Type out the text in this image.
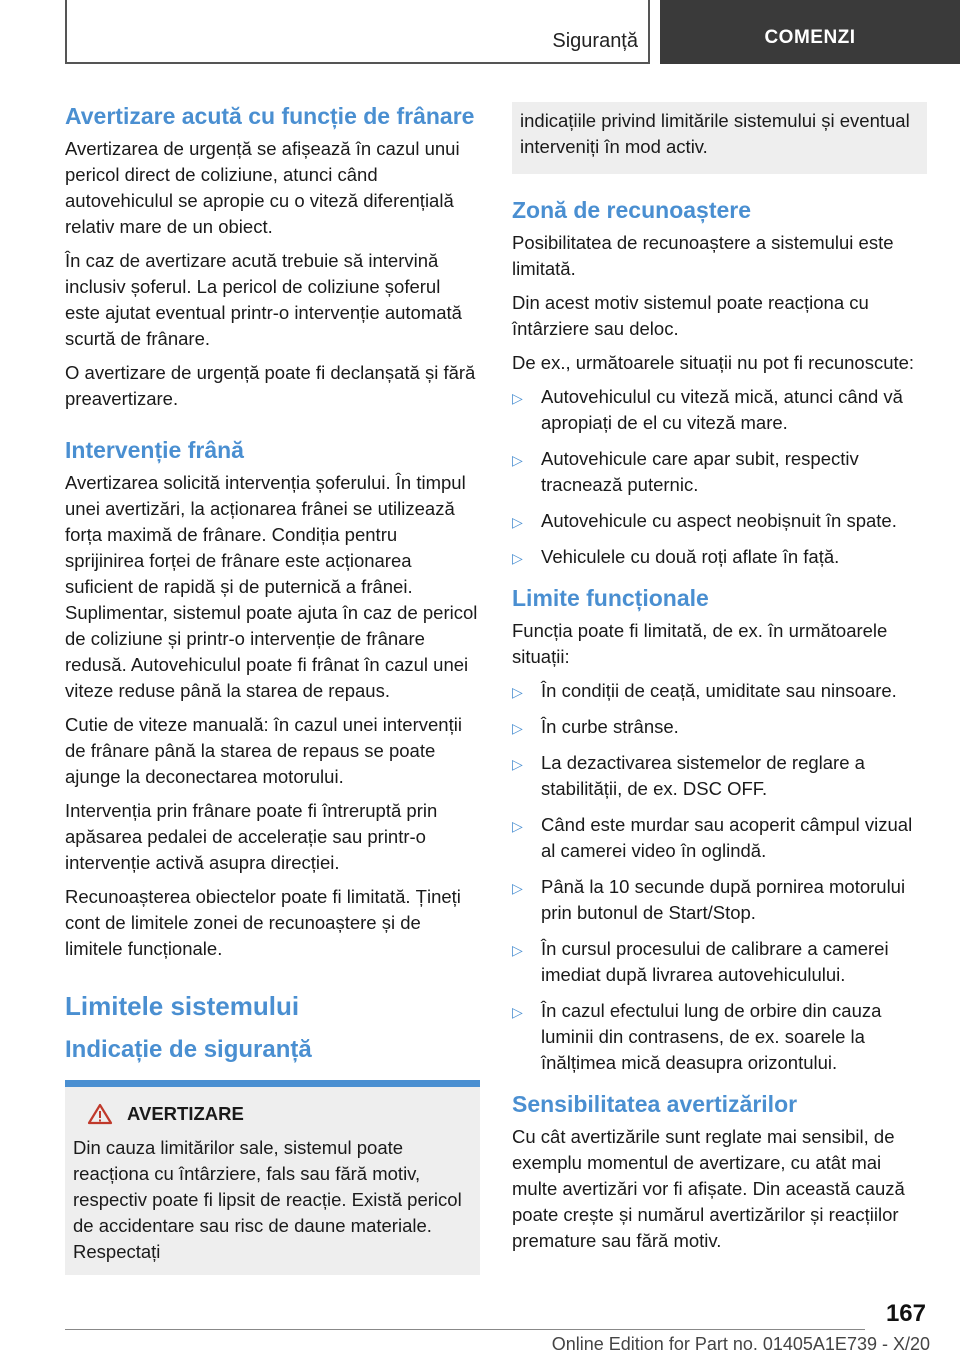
Siguranță	COMENZI
Avertizare acută cu funcție de frânare

Avertizarea de urgență se afișează în cazul unui pericol direct de coliziune, atunci când autovehiculul se apropie cu o viteză diferențială relativ mare de un obiect.

În caz de avertizare acută trebuie să intervină inclusiv șoferul. La pericol de coliziune șoferul este ajutat eventual printr-o intervenție automată scurtă de frânare.

O avertizare de urgență poate fi declanșată și fără preavertizare.

Intervenție frână

Avertizarea solicită intervenția șoferului. În timpul unei avertizări, la acționarea frânei se utilizează forța maximă de frânare. Condiția pentru sprijinirea forței de frânare este acționarea suficient de rapidă și de puternică a frânei. Suplimentar, sistemul poate ajuta în caz de pericol de coliziune și printr-o intervenție de frânare redusă. Autovehiculul poate fi frânat în cazul unei viteze reduse până la starea de repaus.

Cutie de viteze manuală: în cazul unei intervenții de frânare până la starea de repaus se poate ajunge la deconectarea motorului.

Intervenția prin frânare poate fi întreruptă prin apăsarea pedalei de accelerație sau printr-o intervenție activă asupra direcției.

Recunoașterea obiectelor poate fi limitată. Țineți cont de limitele zonei de recunoaștere și de limitele funcționale.

Limitele sistemului
Indicație de siguranță
AVERTIZARE

Din cauza limitărilor sale, sistemul poate reacționa cu întârziere, fals sau fără motiv, respectiv poate fi lipsit de reacție. Există pericol de accidentare sau risc de daune materiale. Respectați

indicațiile privind limitările sistemului și eventual interveniți în mod activ.

Zonă de recunoaștere

Posibilitatea de recunoaștere a sistemului este limitată.

Din acest motiv sistemul poate reacționa cu întârziere sau deloc.

De ex., următoarele situații nu pot fi recunoscute:

▷ Autovehiculul cu viteză mică, atunci când vă apropiați de el cu viteză mare.
▷ Autovehicule care apar subit, respectiv tracnează puternic.
▷ Autovehicule cu aspect neobișnuit în spate.
▷ Vehiculele cu două roți aflate în față.
Limite funcționale

Funcția poate fi limitată, de ex. în următoarele situații:

▷ În condiții de ceață, umiditate sau ninsoare.
▷ În curbe strânse.
▷ La dezactivarea sistemelor de reglare a stabilității, de ex. DSC OFF.
▷ Când este murdar sau acoperit câmpul vizual al camerei video în oglindă.
▷ Până la 10 secunde după pornirea motorului prin butonul de Start/Stop.
▷ În cursul procesului de calibrare a camerei imediat după livrarea autovehiculului.
▷ În cazul efectului lung de orbire din cauza luminii din contrasens, de ex. soarele la înălțimea mică deasupra orizontului.
Sensibilitatea avertizărilor

Cu cât avertizările sunt reglate mai sensibil, de exemplu momentul de avertizare, cu atât mai multe avertizări vor fi afișate. Din această cauză poate crește și numărul avertizărilor și reacțiilor premature sau fără motiv.

167
Online Edition for Part no. 01405A1E739 - X/20
